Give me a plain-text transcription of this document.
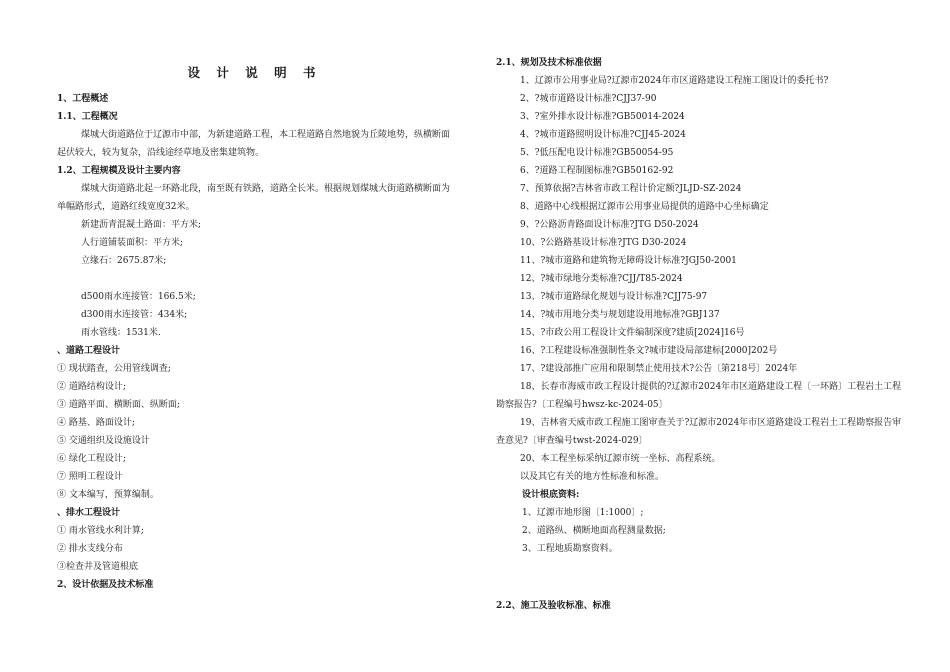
设 计 说 明 书
1、工程概述
1.1、工程概况
煤城大街道路位于辽源市中部，为新建道路工程，本工程道路自然地貌为丘陵地势，纵横断面起伏较大，较为复杂，沿线途经草地及密集建筑物。
1.2、工程规模及设计主要内容
煤城大街道路北起一环路北段，南至既有铁路，道路全长米。根据规划煤城大街道路横断面为单幅路形式，道路红线宽度32米。
新建沥青混凝土路面：平方米;
人行道铺装面积：平方米;
立缘石：2675.87米;
d500雨水连接管：166.5米;
d300雨水连接管：434米;
雨水管线：1531米.
、道路工程设计
① 现状踏查，公用管线调查;
② 道路结构设计;
③ 道路平面、横断面、纵断面;
④ 路基、路面设计;
⑤ 交通组织及设施设计
⑥ 绿化工程设计;
⑦ 照明工程设计
⑧ 文本编写，预算编制。
、排水工程设计
① 雨水管线水利计算;
② 排水支线分布
③检查井及管道根底
2、设计依据及技术标准
2.1、规划及技术标准依据
1、辽源市公用事业局?辽源市2024年市区道路建设工程施工图设计的委托书?
2、?城市道路设计标准?CJJ37-90
3、?室外排水设计标准?GB50014-2024
4、?城市道路照明设计标准?CJJ45-2024
5、?低压配电设计标准?GB50054-95
6、?道路工程制图标准?GB50162-92
7、预算依据?吉林省市政工程计价定额?JLJD-SZ-2024
8、道路中心线根据辽源市公用事业局提供的道路中心坐标确定
9、?公路沥青路面设计标准?JTG D50-2024
10、?公路路基设计标准?JTG D30-2024
11、?城市道路和建筑物无障碍设计标准?JGJ50-2001
12、?城市绿地分类标准?CJJ/T85-2024
13、?城市道路绿化规划与设计标准?CJJ75-97
14、?城市用地分类与规划建设用地标准?GBJ137
15、?市政公用工程设计文件编制深度?建质[2024]16号
16、?工程建设标准强制性条文?城市建设局部建标[2000]202号
17、?建设部推广应用和限制禁止使用技术?公告〔第218号〕2024年
18、长春市海威市政工程设计提供的?辽源市2024年市区道路建设工程〔一环路〕工程岩土工程勘察报告?〔工程编号hwsz-kc-2024-05〕
19、吉林省天威市政工程施工图审查关于?辽源市2024年市区道路建设工程岩土工程勘察报告审查意见?〔审查编号twst-2024-029〕
20、本工程坐标采纳辽源市统一坐标、高程系统。
以及其它有关的地方性标准和标准。
设计根底资料:
1、辽源市地形图〔1:1000〕;
2、道路纵、横断地面高程测量数据;
3、工程地质勘察资料。
2.2、施工及验收标准、标准
